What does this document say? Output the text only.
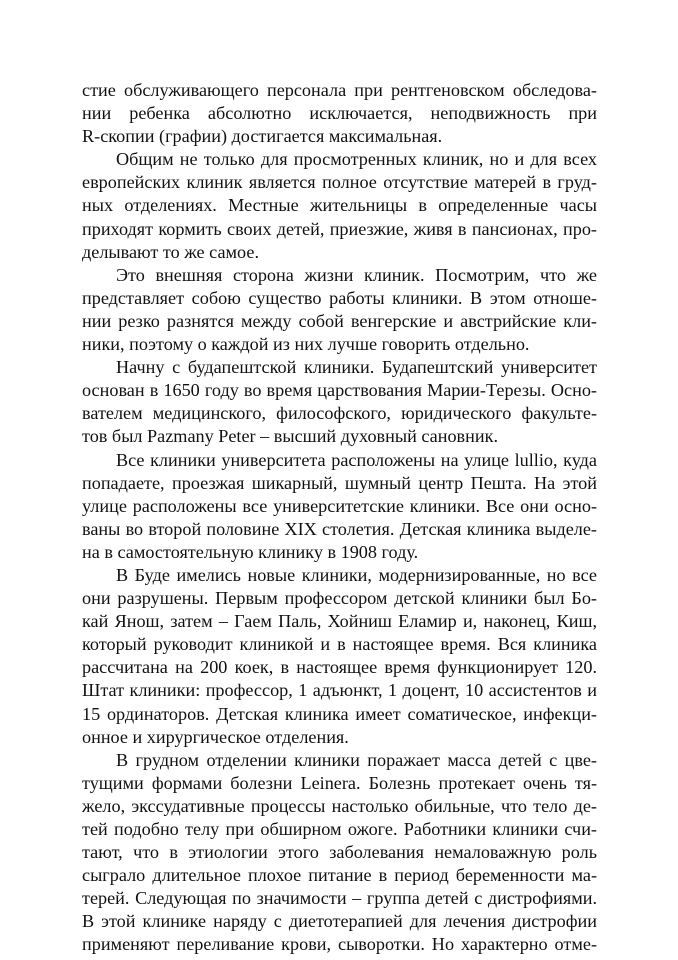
стие обслуживающего персонала при рентгеновском обследова-
нии ребенка абсолютно исключается, неподвижность при
R-скопии (графии) достигается максимальная.

Общим не только для просмотренных клиник, но и для всех
европейских клиник является полное отсутствие матерей в груд-
ных отделениях. Местные жительницы в определенные часы
приходят кормить своих детей, приезжие, живя в пансионах, про-
делывают то же самое.

Это внешняя сторона жизни клиник. Посмотрим, что же
представляет собою существо работы клиники. В этом отноше-
нии резко разнятся между собой венгерские и австрийские кли-
ники, поэтому о каждой из них лучше говорить отдельно.

Начну с будапештской клиники. Будапештский университет
основан в 1650 году во время царствования Марии-Терезы. Осно-
вателем медицинского, философского, юридического факульте-
тов был Pazmany Peter – высший духовный сановник.

Все клиники университета расположены на улице lullio, куда
попадаете, проезжая шикарный, шумный центр Пешта. На этой
улице расположены все университетские клиники. Все они осно-
ваны во второй половине XIX столетия. Детская клиника выделе-
на в самостоятельную клинику в 1908 году.

В Буде имелись новые клиники, модернизированные, но все
они разрушены. Первым профессором детской клиники был Бо-
кай Янош, затем – Гаем Паль, Хойниш Еламир и, наконец, Киш,
который руководит клиникой и в настоящее время. Вся клиника
рассчитана на 200 коек, в настоящее время функционирует 120.
Штат клиники: профессор, 1 адъюнкт, 1 доцент, 10 ассистентов и
15 ординаторов. Детская клиника имеет соматическое, инфекци-
онное и хирургическое отделения.

В грудном отделении клиники поражает масса детей с цве-
тущими формами болезни Leinera. Болезнь протекает очень тя-
жело, экссудативные процессы настолько обильные, что тело де-
тей подобно телу при обширном ожоге. Работники клиники счи-
тают, что в этиологии этого заболевания немаловажную роль
сыграло длительное плохое питание в период беременности ма-
терей. Следующая по значимости – группа детей с дистрофиями.
В этой клинике наряду с диетотерапией для лечения дистрофии
применяют переливание крови, сыворотки. Но характерно отме-
